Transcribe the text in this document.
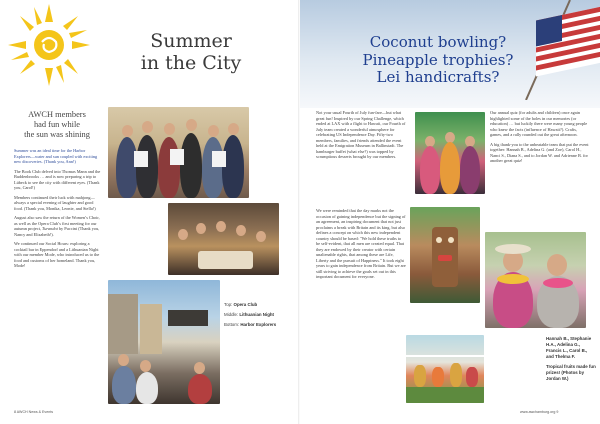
Summer
in the City
AWCH members
had fun while
the sun was shining

Summer was an ideal time for the Harbor Explorers—water and sun coupled with exciting new discoveries. (Thank you, Ann!)

The Book Club delved into Thomas Mann and the Buddenbrooks … and is now preparing a trip to Lübeck to see the city with different eyes. (Thank you, Carol!)

Members continued their luck with mahjong—always a special evening of laughter and good food. (Thank you, Monika, Leonie, and Stella!)

August also saw the return of the Women’s Choir, as well as the Opera Club’s first meeting for our autumn project, Turandot by Puccini (Thank you, Nancy and Elizabeth!).

We continued our Social Hours: exploring a cocktail bar in Eppendorf and a Lithuanian Night with our member Mode, who introduced us to the food and customs of her homeland. Thank you, Mode!

Top: Opera Club
Middle: Lithuanian Night
Bottom: Harbor Explorers
8 AWCH News & Events
Coconut bowling?
Pineapple trophies?
Lei handicrafts?

Not your usual Fourth of July fun-fare—but what great fun! Inspired by our Spring Challenge, which ended at LAX with a flight to Hawaii, our Fourth of July team created a wonderful atmosphere for celebrating US Independence Day. Fifty-two members, families, and friends attended the event held at the Emigration Museum in Ballinstadt. The hamburger buffet (what else?) was topped by scrumptious desserts brought by our members.

We were reminded that the day marks not the occasion of gaining independence but the signing of an agreement, an inspiring document that not just proclaims a break with Britain and its king, but also defines a concept on which this new independent country should be based: "We hold these truths to be self-evident, that all men are created equal. That they are endowed by their creator with certain unalienable rights, that among these are Life, Liberty and the pursuit of Happiness." It took eight years to gain independence from Britain. But we are still striving to achieve the goals set out in this important document for everyone.

Our annual quiz (for adults and children) once again highlighted some of the holes in our memories (or education) … but luckily there were many young people who knew the facts (influence of Hawaii?). Crafts, games, and a rally rounded out the great afternoon.

A big thank-you to the unbeatable team that put the event together: Hannah B., Adelina G. (and Zoe), Carol H., Nanci S., Diana S., and to Jordan W. and Adrienne B. for another great quiz!

Hannah B., Stephanie H.A., Adelina G., Francis L., Carol B., and Thelma F.
Tropical fruits made fun prizes! (Photos by Jordan W.)
www.awchamburg.org 9
